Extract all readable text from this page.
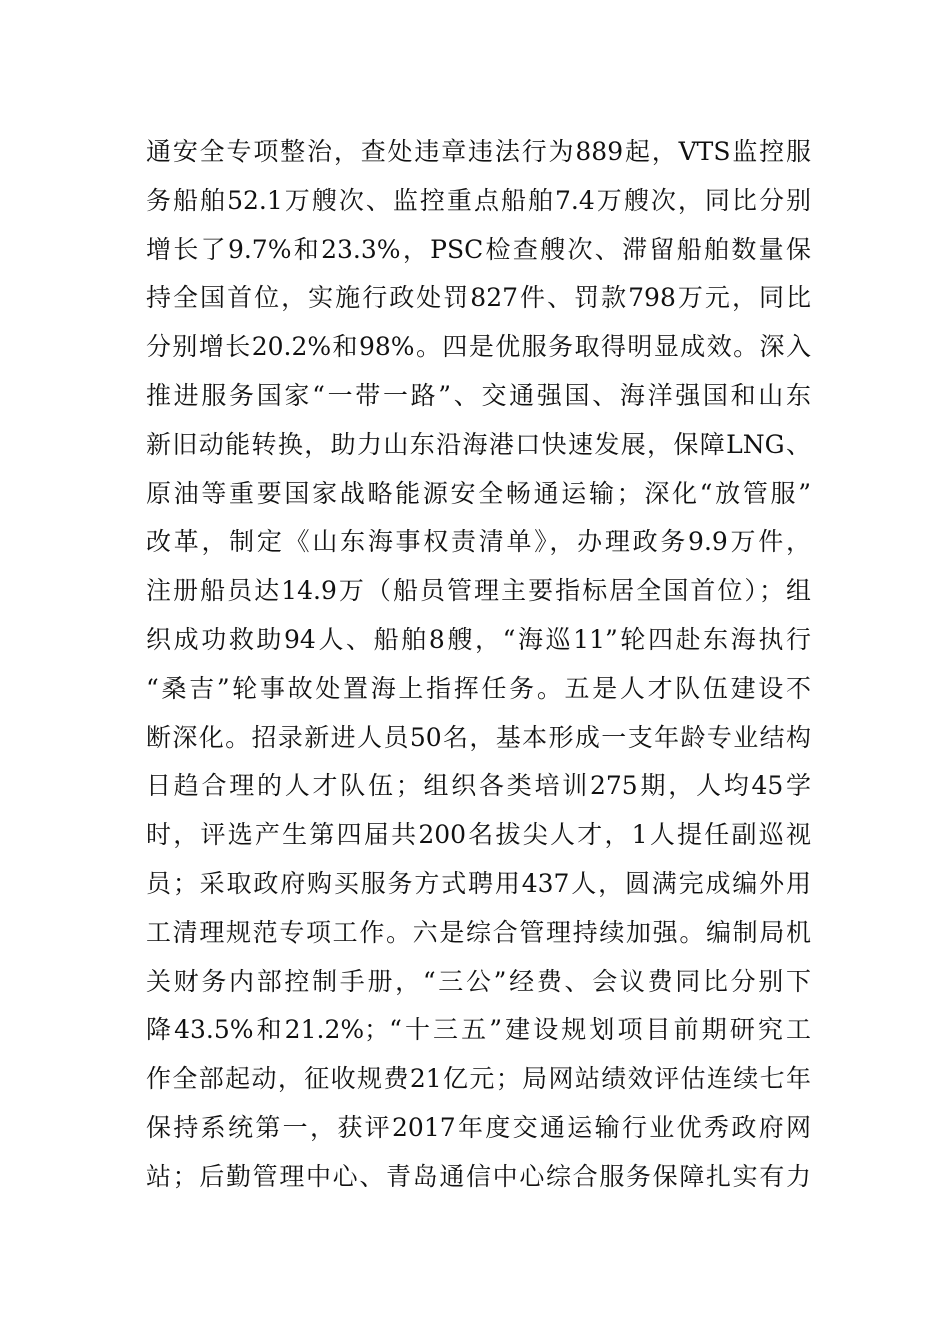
通安全专项整治，查处违章违法行为889起，VTS监控服
务船舶52.1万艘次、监控重点船舶7.4万艘次，同比分别
增长了9.7%和23.3%，PSC检查艘次、滞留船舶数量保
持全国首位，实施行政处罚827件、罚款798万元，同比
分别增长20.2%和98%。四是优服务取得明显成效。深入
推进服务国家“一带一路”、交通强国、海洋强国和山东
新旧动能转换，助力山东沿海港口快速发展，保障LNG、
原油等重要国家战略能源安全畅通运输；深化“放管服”
改革，制定《山东海事权责清单》，办理政务9.9万件，
注册船员达14.9万（船员管理主要指标居全国首位）；组
织成功救助94人、船舶8艘，“海巡11”轮四赴东海执行
“桑吉”轮事故处置海上指挥任务。五是人才队伍建设不
断深化。招录新进人员50名，基本形成一支年龄专业结构
日趋合理的人才队伍；组织各类培训275期，人均45学
时，评选产生第四届共200名拔尖人才，1人提任副巡视
员；采取政府购买服务方式聘用437人，圆满完成编外用
工清理规范专项工作。六是综合管理持续加强。编制局机
关财务内部控制手册，“三公”经费、会议费同比分别下
降43.5%和21.2%；“十三五”建设规划项目前期研究工
作全部起动，征收规费21亿元；局网站绩效评估连续七年
保持系统第一，获评2017年度交通运输行业优秀政府网
站；后勤管理中心、青岛通信中心综合服务保障扎实有力
